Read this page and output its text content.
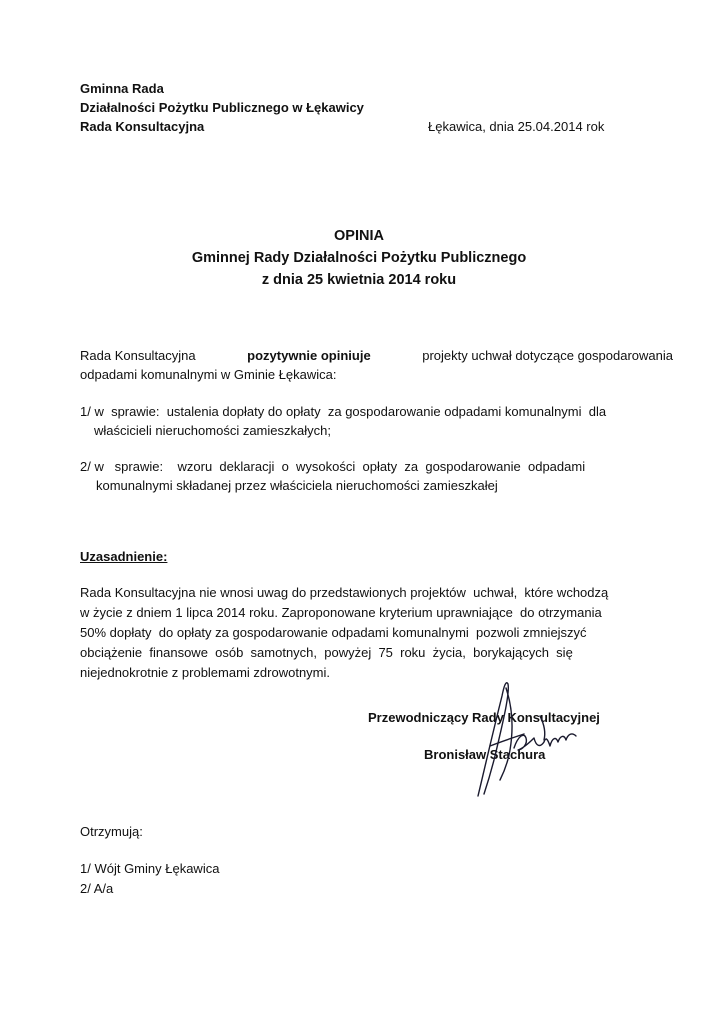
Gminna Rada
Działalności Pożytku Publicznego w Łękawicy
Rada Konsultacyjna	Łękawica, dnia 25.04.2014 rok
OPINIA
Gminnej Rady Działalności Pożytku Publicznego
z dnia 25 kwietnia 2014 roku
Rada Konsultacyjna	pozytywnie opiniuje	projekty uchwał dotyczące gospodarowania
odpadami komunalnymi w Gminie Łękawica:
1/ w  sprawie:  ustalenia dopłaty do opłaty  za gospodarowanie odpadami komunalnymi  dla
właścicieli nieruchomości zamieszkałych;
2/ w   sprawie:    wzoru  deklaracji  o  wysokości  opłaty  za  gospodarowanie  odpadami
komunalnymi składanej przez właściciela nieruchomości zamieszkałej
Uzasadnienie:
Rada Konsultacyjna nie wnosi uwag do przedstawionych projektów  uchwał,  które wchodzą
w życie z dniem 1 lipca 2014 roku. Zaproponowane kryterium uprawniające  do otrzymania
50% dopłaty  do opłaty za gospodarowanie odpadami komunalnymi  pozwoli zmniejszyć
obciążenie  finansowe  osób  samotnych,  powyżej  75  roku  życia,  borykających  się
niejednokrotnie z problemami zdrowotnymi.
Przewodniczący Rady Konsultacyjnej
Bronisław Stachura
Otrzymują:
1/ Wójt Gminy Łękawica
2/ A/a
